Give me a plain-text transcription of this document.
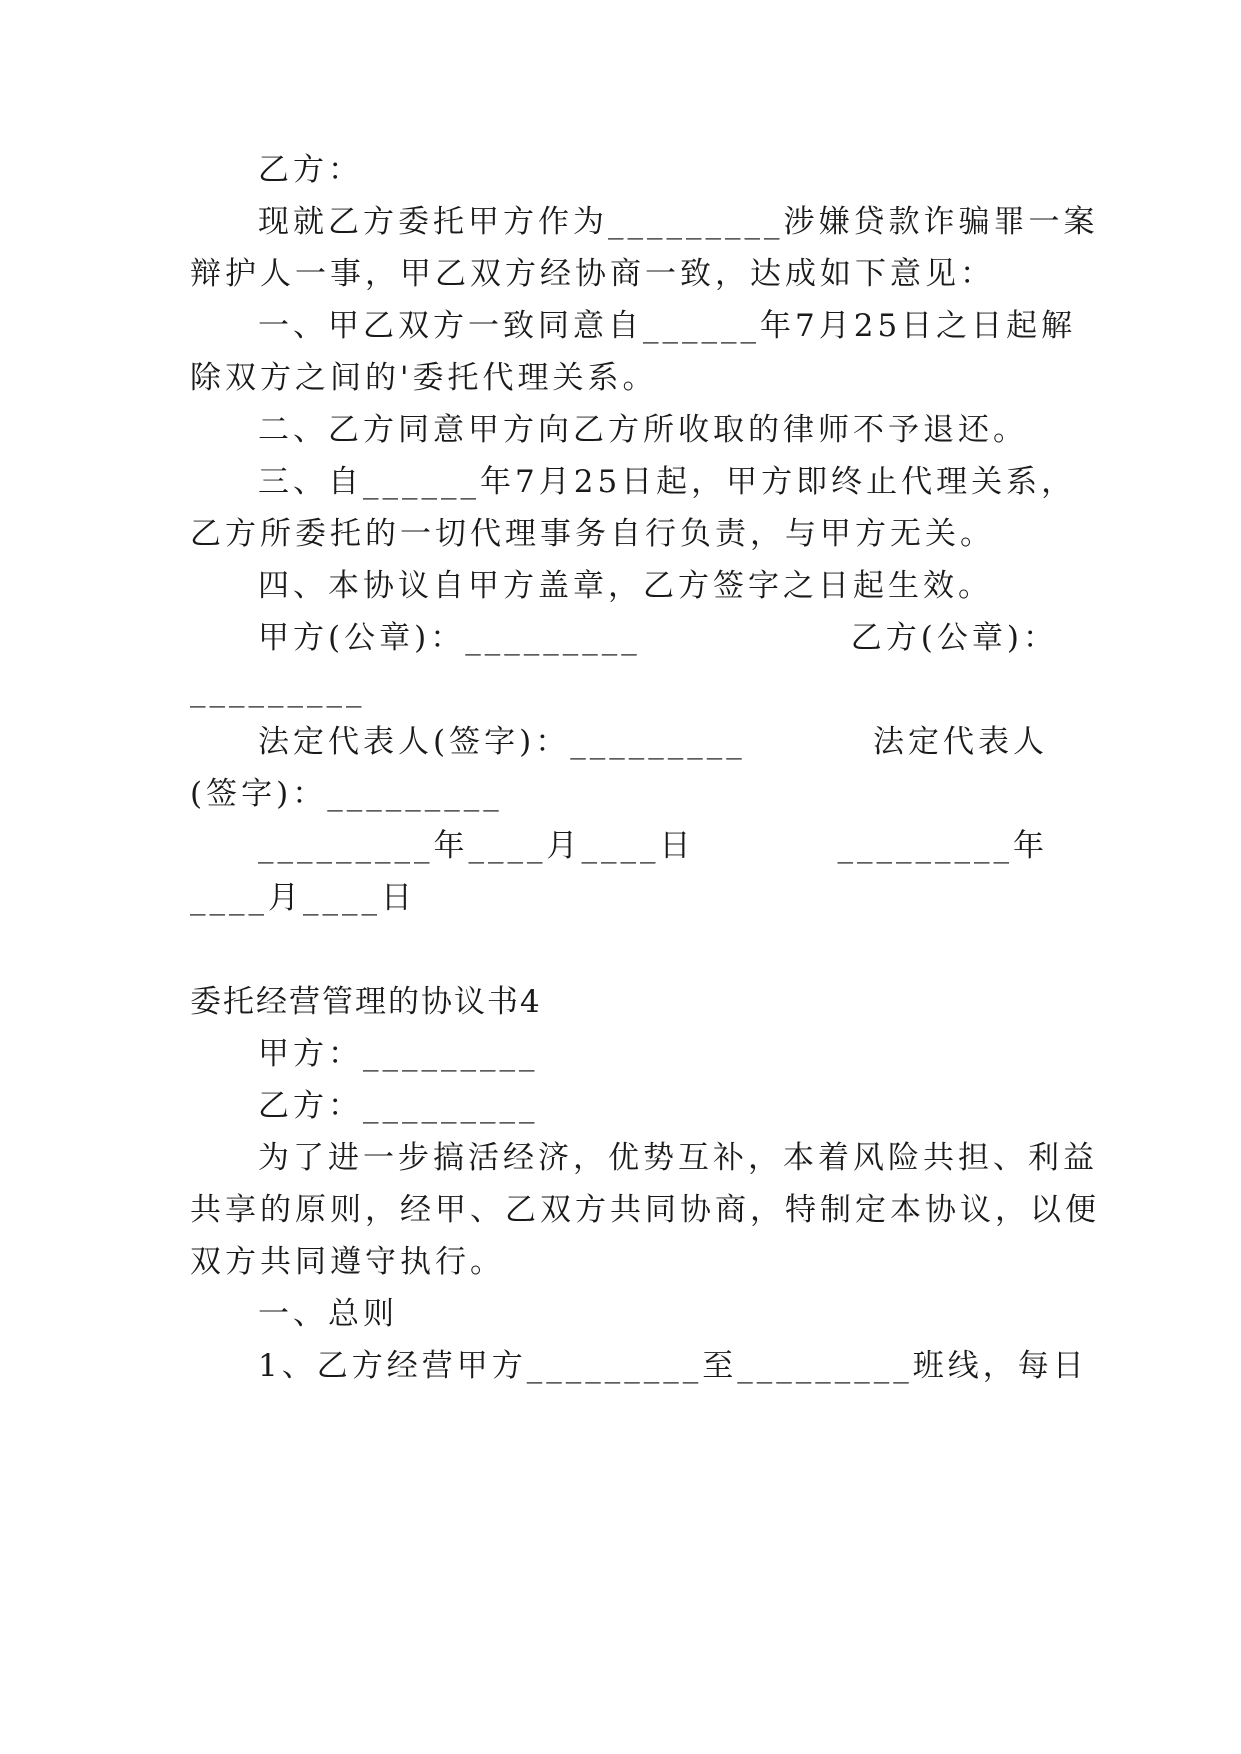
乙方：
现就乙方委托甲方作为_________涉嫌贷款诈骗罪一案
辩护人一事，甲乙双方经协商一致，达成如下意见：
一、甲乙双方一致同意自______年7月25日之日起解
除双方之间的'委托代理关系。
二、乙方同意甲方向乙方所收取的律师不予退还。
三、自______年7月25日起，甲方即终止代理关系，
乙方所委托的一切代理事务自行负责，与甲方无关。
四、本协议自甲方盖章，乙方签字之日起生效。
甲方(公章)：_________	乙方(公章)：
_________
法定代表人(签字)：_________	法定代表人
(签字)：_________
_________年____月____日	_________年
____月____日
委托经营管理的协议书4
甲方：_________
乙方：_________
为了进一步搞活经济，优势互补，本着风险共担、利益
共享的原则，经甲、乙双方共同协商，特制定本协议，以便
双方共同遵守执行。
一、总则
1、乙方经营甲方_________至_________班线，每日
